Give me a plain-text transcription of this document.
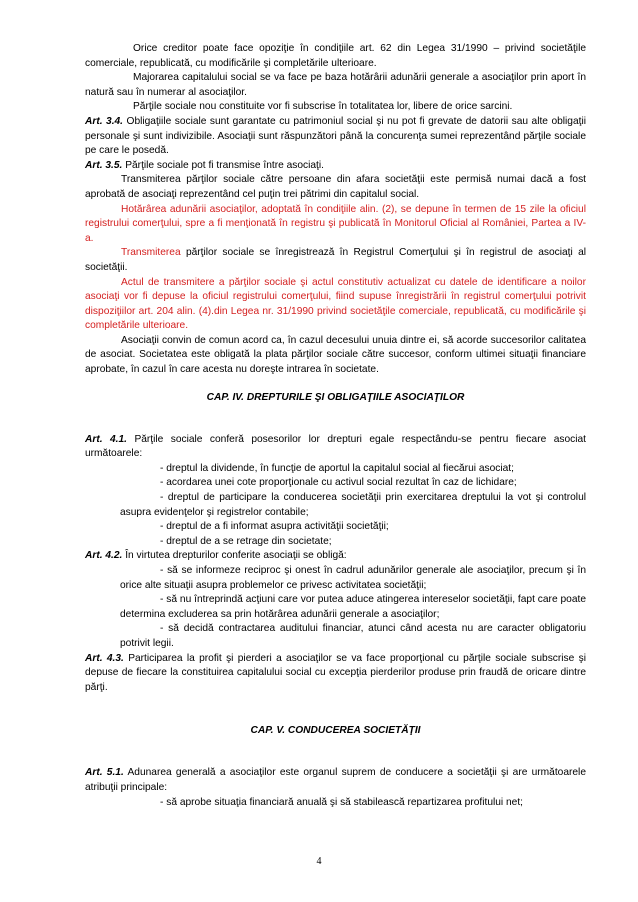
Orice creditor poate face opoziţie în condiţiile art. 62 din Legea 31/1990 – privind societăţile comerciale, republicată, cu modificările şi completările ulterioare.

Majorarea capitalului social se va face pe baza hotărârii adunării generale a asociaţilor prin aport în natură sau în numerar al asociaţilor.

Părţile sociale nou constituite vor fi subscrise în totalitatea lor, libere de orice sarcini.

Art. 3.4. Obligaţiile sociale sunt garantate cu patrimoniul social şi nu pot fi grevate de datorii sau alte obligaţii personale şi sunt indivizibile. Asociaţii sunt răspunzători până la concurenţa sumei reprezentând părţile sociale pe care le posedă.

Art. 3.5. Părţile sociale pot fi transmise între asociaţi.

Transmiterea părţilor sociale către persoane din afara societăţii este permisă numai dacă a fost aprobată de asociaţi reprezentând cel puţin trei pătrimi din capitalul social.

Hotărârea adunării asociaţilor, adoptată în condiţiile alin. (2), se depune în termen de 15 zile la oficiul registrului comerţului, spre a fi menţionată în registru şi publicată în Monitorul Oficial al României, Partea a IV-a.

Transmiterea părţilor sociale se înregistrează în Registrul Comerţului şi în registrul de asociaţi al societăţii.

Actul de transmitere a părţilor sociale şi actul constitutiv actualizat cu datele de identificare a noilor asociaţi vor fi depuse la oficiul registrului comerţului, fiind supuse înregistrării în registrul comerţului potrivit dispoziţiilor art. 204 alin. (4).din Legea nr. 31/1990 privind societăţile comerciale, republicată, cu modificările şi completările ulterioare.

Asociaţii convin de comun acord ca, în cazul decesului unuia dintre ei, să acorde succesorilor calitatea de asociat. Societatea este obligată la plata părţilor sociale către succesor, conform ultimei situaţii financiare aprobate, în cazul în care acesta nu doreşte intrarea în societate.

CAP. IV. DREPTURILE ŞI OBLIGAŢIILE ASOCIAŢILOR

Art. 4.1. Părţile sociale conferă posesorilor lor drepturi egale respectându-se pentru fiecare asociat următoarele:

- dreptul la dividende, în funcţie de aportul la capitalul social al fiecărui asociat;

- acordarea unei cote proporţionale cu activul social rezultat în caz de lichidare;

- dreptul de participare la conducerea societăţii prin exercitarea dreptului la vot şi controlul asupra evidenţelor şi registrelor contabile;

- dreptul de a fi informat asupra activităţii societăţii;

- dreptul de a se retrage din societate;

Art. 4.2. În virtutea drepturilor conferite asociaţii se obligă:

- să se informeze reciproc şi onest în cadrul adunărilor generale ale asociaţilor, precum şi în orice alte situaţii asupra problemelor ce privesc activitatea societăţii;

- să nu întreprindă acţiuni care vor putea aduce atingerea intereselor societăţii, fapt care poate determina excluderea sa prin hotărârea adunării generale a asociaţilor;

- să decidă contractarea auditului financiar, atunci când acesta nu are caracter obligatoriu potrivit legii.

Art. 4.3. Participarea la profit şi pierderi a asociaţilor se va face proporţional cu părţile sociale subscrise şi depuse de fiecare la constituirea capitalului social cu excepţia pierderilor produse prin fraudă de oricare dintre părţi.

CAP. V. CONDUCEREA SOCIETĂŢII

Art. 5.1. Adunarea generală a asociaţilor este organul suprem de conducere a societăţii şi are următoarele atribuţii principale:

- să aprobe situaţia financiară anuală şi să stabilească repartizarea profitului net;

4
